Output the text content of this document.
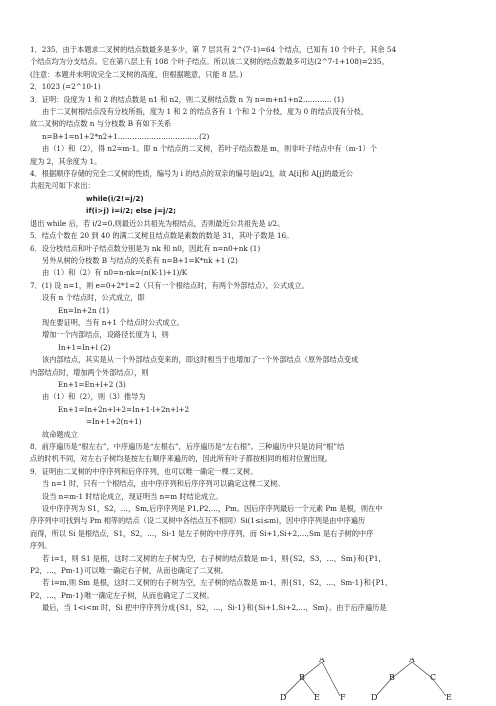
1．235．由于本题求二叉树的结点数最多是多少，第 7 层共有 2^(7-1)=64 个结点，已知有 10 个叶子，其余 54
个结点均为分支结点。它在第八层上有 108 个叶子结点。所以该二叉树的结点数最多可达(2^7-1+108)=235。
(注意：本题并未明说完全二叉树的高度，但根据题意，只能 8 层。)
2．1023 (=2^10-1)
3．证明：设度为 1 和 2 的结点数是 n1 和 n2，则二叉树结点数 n 为 n=m+n1+n2………… (1)
由于二叉树根结点没有分枝所指，度为 1 和 2 的结点各有 1 个和 2 个分枝，度为 0 的结点没有分枝，
故二叉树的结点数 n 与分枝数 B 有如下关系
n=B+1=n1+2*n2+1…………………………….(2)
由（1）和（2），得 n2=m-1。即 n 个结点的二叉树，若叶子结点数是 m，则非叶子结点中有（m-1）个
度为 2，其余度为 1。
4．根据顺序存储的完全二叉树的性质，编号为 i 的结点的双亲的编号是⌊i/2⌋，故 A[i]和 A[j]的最近公
共祖先可如下求出：
while(i/2!=j/2)
if(i>j) i=i/2; else j=j/2;
退出 while 后，若 i/2=0,则最近公共祖先为根结点，否则最近公共祖先是 i/2。
5．结点个数在 20 到 40 的满二叉树且结点数是素数的数是 31，其叶子数是 16。
6．设分枝结点和叶子结点数分别是为 nk 和 n0，因此有 n=n0+nk (1)
另外从树的分枝数 B 与结点的关系有 n=B+1=K*nk +1 (2)
由（1）和（2）有 n0=n-nk=(n(K-1)+1)/K
7．(1) 设 n=1，则 e=0+2*1=2（只有一个根结点时，有两个外部结点），公式成立。
设有 n 个结点时，公式成立，即
En=In+2n (1)
现在要证明，当有 n+1 个结点时公式成立。
增加一个内部结点，设路径长度为 l，则
In+1=In+l (2)
该内部结点，其实是从一个外部结点变来的，即这时相当于也增加了一个外部结点（原外部结点变成
内部结点时，增加两个外部结点），则
En+1=En+l+2 (3)
由（1）和（2），则（3）推导为
En+1=In+2n+l+2=In+1-l+2n+l+2
=In+1+2(n+1)
故命题成立
8．前序遍历是“根左右”，中序遍历是“左根右”，后序遍历是“左右根”。三种遍历中只是访问“根”结
点的时机不同，对左右子树均是按左右顺序来遍历的，因此所有叶子都按相同的相对位置出现。
9．证明由二叉树的中序序列和后序序列，也可以唯一确定一棵二叉树。
当 n=1 时，只有一个根结点，由中序序列和后序序列可以确定这棵二叉树。
设当 n=m-1 时结论成立，现证明当 n=m 时结论成立。
设中序序列为 S1，S2，…，Sm,后序序列是 P1,P2,…，Pm。因后序序列最后一个元素 Pm 是根，则在中
序序列中可找到与 Pm 相等的结点（设二叉树中各结点互不相同）Si(1≤i≤m)，因中序序列是由中序遍历
而得，所以 Si 是根结点，S1，S2，…，Si-1 是左子树的中序序列，而 Si+1,Si+2,…,Sm 是右子树的中序
序列。
若 i=1，则 S1 是根，这时二叉树的左子树为空，右子树的结点数是 m-1，则{S2，S3，…，Sm}和{P1，
P2，…，Pm-1}可以唯一确定右子树，从而也确定了二叉树。
若 i=m,则 Sm 是根，这时二叉树的右子树为空，左子树的结点数是 m-1，则{S1，S2，…，Sm-1}和{P1，
P2，…，Pm-1}唯一确定左子树，从而也确定了二叉树。
最后，当 1<i<m 时，Si 把中序序列分成{S1，S2，…，Si-1}和{Si+1,Si+2,…，Sm}。由于后序遍历是
A
B
D	E	F
A
B	C
D	E
